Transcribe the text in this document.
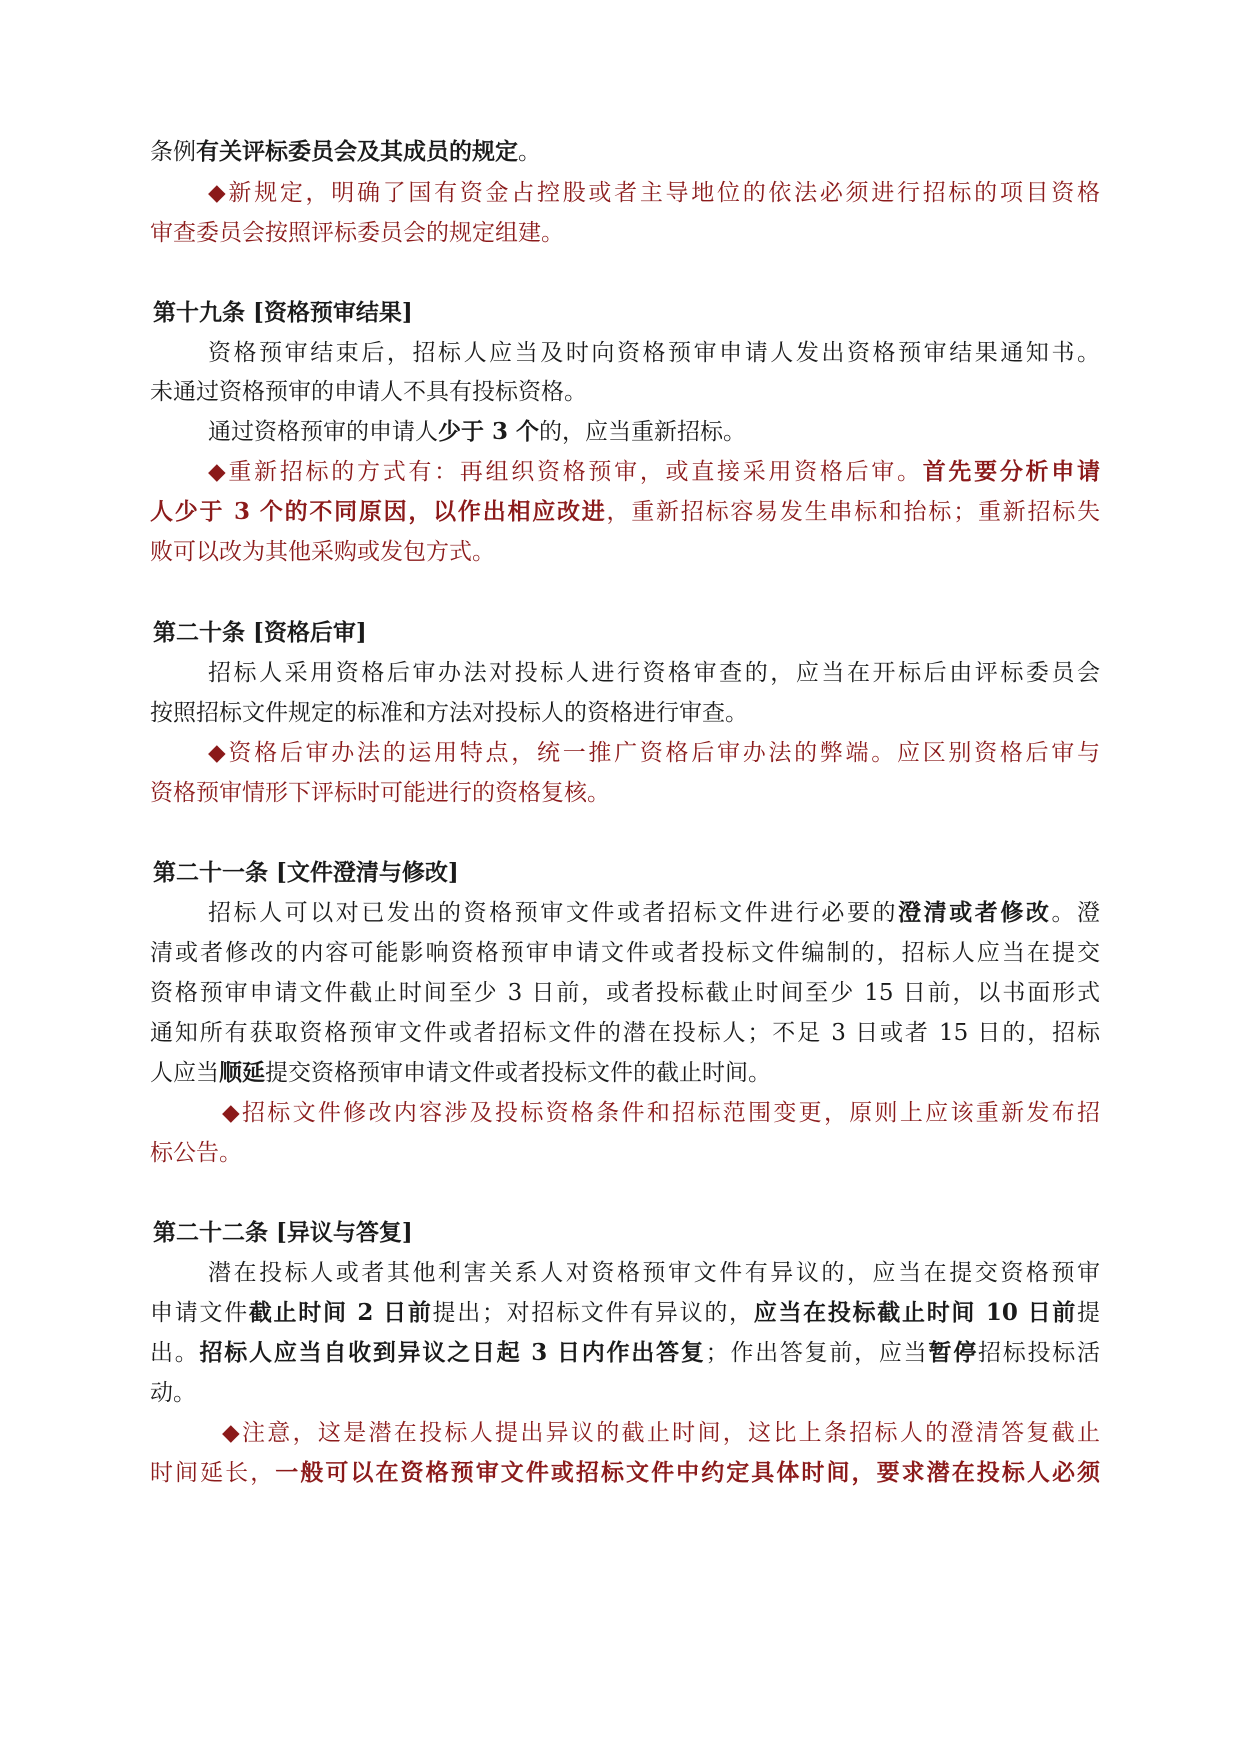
条例有关评标委员会及其成员的规定。
◆新规定，明确了国有资金占控股或者主导地位的依法必须进行招标的项目资格
审查委员会按照评标委员会的规定组建。
第十九条 [资格预审结果]
资格预审结束后，招标人应当及时向资格预审申请人发出资格预审结果通知书。
未通过资格预审的申请人不具有投标资格。
通过资格预审的申请人少于 3 个的，应当重新招标。
◆重新招标的方式有：再组织资格预审，或直接采用资格后审。首先要分析申请
人少于 3 个的不同原因，以作出相应改进，重新招标容易发生串标和抬标；重新招标失
败可以改为其他采购或发包方式。
第二十条 [资格后审]
招标人采用资格后审办法对投标人进行资格审查的，应当在开标后由评标委员会
按照招标文件规定的标准和方法对投标人的资格进行审查。
◆资格后审办法的运用特点，统一推广资格后审办法的弊端。应区别资格后审与
资格预审情形下评标时可能进行的资格复核。
第二十一条 [文件澄清与修改]
招标人可以对已发出的资格预审文件或者招标文件进行必要的澄清或者修改。澄
清或者修改的内容可能影响资格预审申请文件或者投标文件编制的，招标人应当在提交
资格预审申请文件截止时间至少 3 日前，或者投标截止时间至少 15 日前，以书面形式
通知所有获取资格预审文件或者招标文件的潜在投标人；不足 3 日或者 15 日的，招标
人应当顺延提交资格预审申请文件或者投标文件的截止时间。
◆招标文件修改内容涉及投标资格条件和招标范围变更，原则上应该重新发布招
标公告。
第二十二条 [异议与答复]
潜在投标人或者其他利害关系人对资格预审文件有异议的，应当在提交资格预审
申请文件截止时间 2 日前提出；对招标文件有异议的，应当在投标截止时间 10 日前提
出。招标人应当自收到异议之日起 3 日内作出答复；作出答复前，应当暂停招标投标活
动。
◆注意，这是潜在投标人提出异议的截止时间，这比上条招标人的澄清答复截止
时间延长，一般可以在资格预审文件或招标文件中约定具体时间，要求潜在投标人必须
